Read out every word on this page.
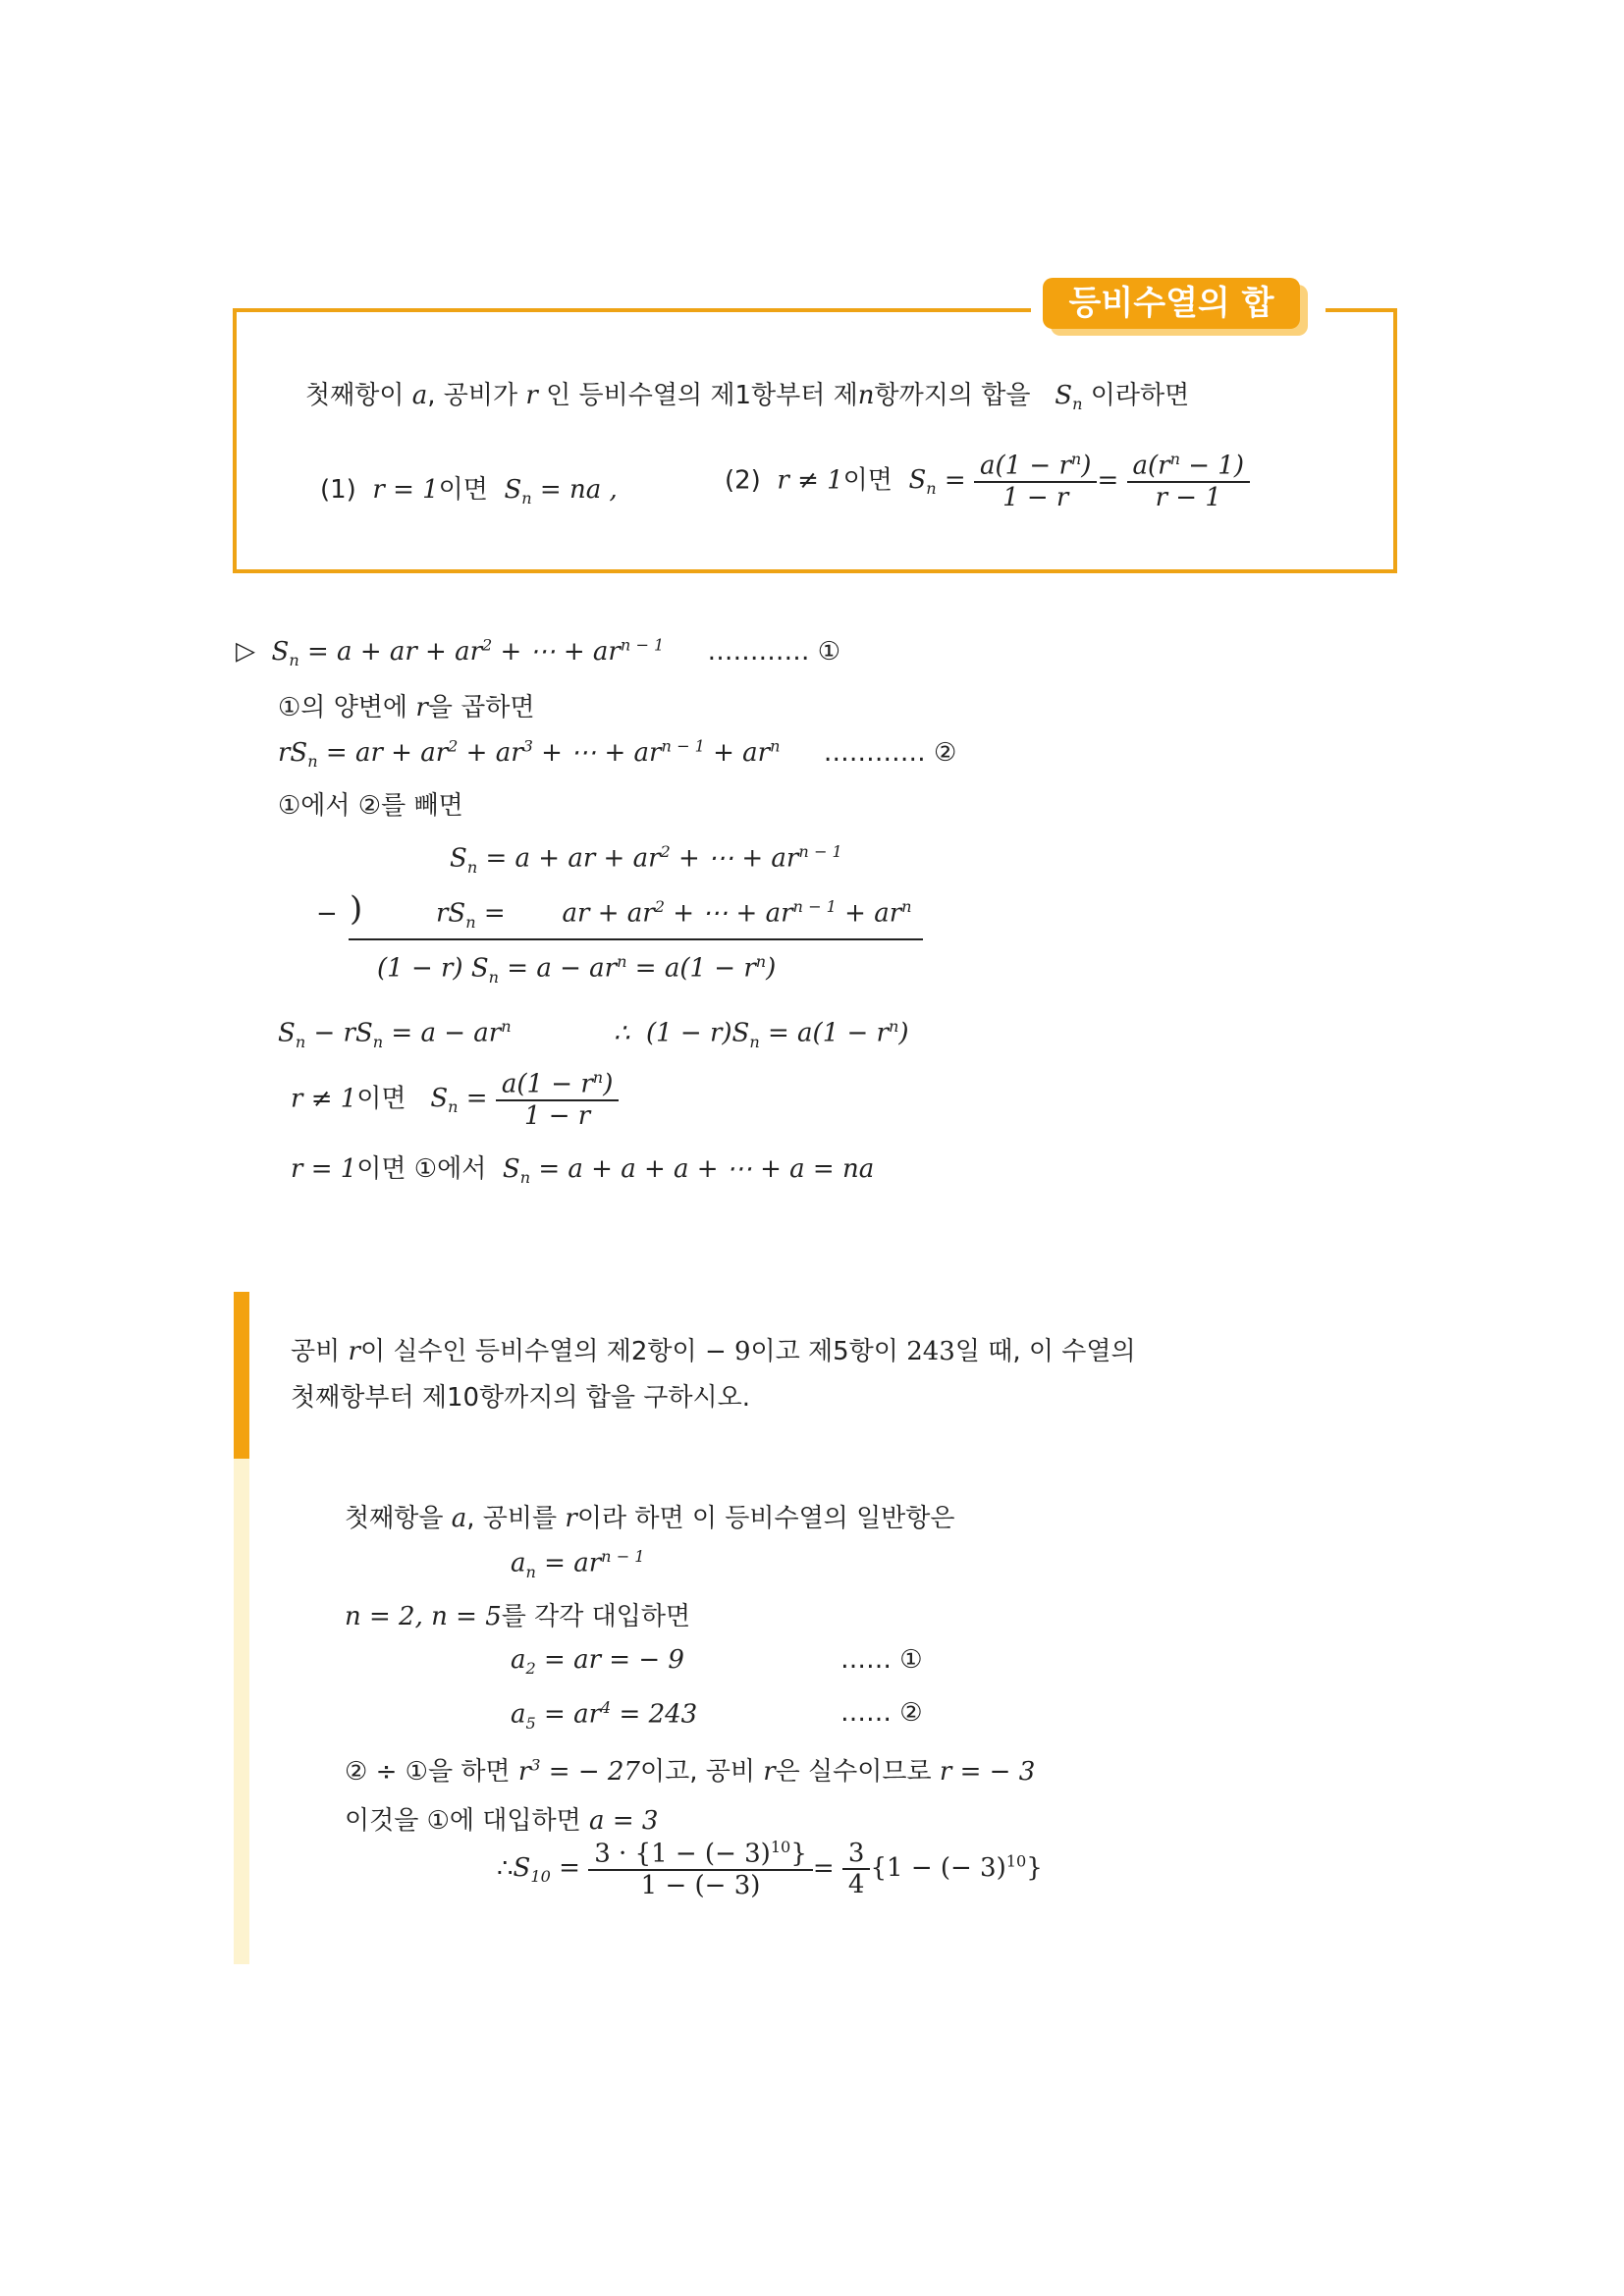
등비수열의 합
첫째항이 a, 공비가 r 인 등비수열의 제1항부터 제n항까지의 합을 $S_n$ 이라하면
(1) r = 1이면 $S_n$ = na ,	(2) r ≠ 1이면 $S_n = \frac{a(1 - r^n)}{1 - r} = \frac{a(r^n - 1)}{r - 1}$
▷ $S_n = a$ + ar + $ar^2$ + ⋯ + $ar^{n - 1}$ ………… ①
①의 양변에 r을 곱하면
$rS_n$ = ar + $ar^2 + ar^3$ + ⋯ + $ar^{n - 1} + ar^n$ ………… ②
①에서 ②를 빼면
$S_n = a$ + ar + $ar^2$ + ⋯ + $ar^{n - 1}$
− )	$rS_n$ =       ar + $ar^2$ + ⋯ + $ar^{n - 1} + ar^n$
(1 − r) $S_n = a - ar^n = a(1 - r^n)$
$S_n - rS_n = a - ar^n$	∴  $(1 - r)S_n = a(1 - r^n)$
r ≠ 1이면 $S_n = \frac{a(1 - r^n)}{1 - r}$
r = 1이면 ①에서 $S_n = a + a + a$ + ⋯ + a = na
공비 r이 실수인 등비수열의 제2항이 − 9이고 제5항이 243일 때, 이 수열의
첫째항부터 제10항까지의 합을 구하시오.
첫째항을 a, 공비를 r이라 하면 이 등비수열의 일반항은
$a_n = ar^{n - 1}$
n = 2, n = 5를 각각 대입하면
$a_2$ = ar = − 9	…… ①
$a_5 = ar^4 = 243$	…… ②
② ÷ ①을 하면 $r^3$ = − 27이고, 공비 r은 실수이므로 r = − 3
이것을 ①에 대입하면 a = 3
$\therefore S_{10} = \frac{3 \cdot \{1 - (- 3)^{10}\}}{1 - (- 3)} = \frac{3}{4} \{1$ − (− 3)$^{10}$}
